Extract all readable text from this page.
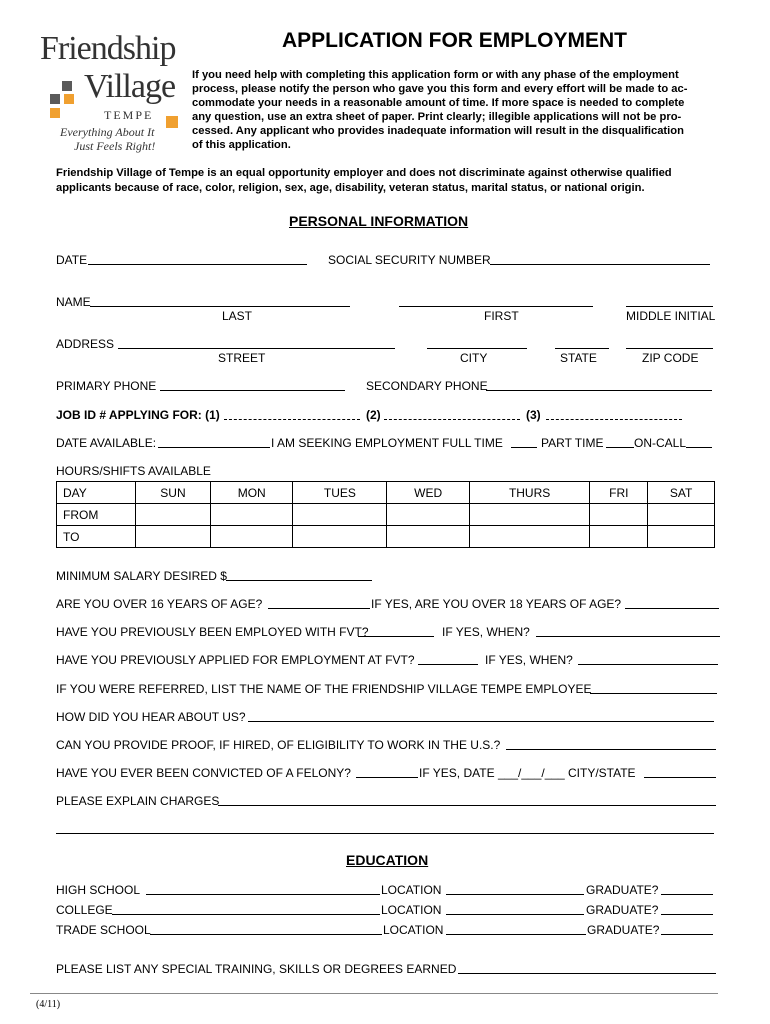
Friendship
Village
TEMPE
Everything About It
Just Feels Right!
APPLICATION FOR EMPLOYMENT
If you need help with completing this application form or with any phase of the employment
process, please notify the person who gave you this form and every effort will be made to ac-
commodate your needs in a reasonable amount of time. If more space is needed to complete
any question, use an extra sheet of paper. Print clearly; illegible applications will not be pro-
cessed. Any applicant who provides inadequate information will result in the disqualification
of this application.
Friendship Village of Tempe is an equal opportunity employer and does not discriminate against otherwise qualified
applicants because of race, color, religion, sex, age, disability, veteran status, marital status, or national origin.
PERSONAL INFORMATION
DATE	SOCIAL SECURITY NUMBER
NAME
LAST	FIRST	MIDDLE INITIAL
ADDRESS
STREET	CITY	STATE	ZIP CODE
PRIMARY PHONE	SECONDARY PHONE
JOB ID # APPLYING FOR: (1)	(2)	(3)
DATE AVAILABLE:	I AM SEEKING EMPLOYMENT FULL TIME	PART TIME	ON-CALL
HOURS/SHIFTS AVAILABLE
DAY	SUN	MON	TUES	WED	THURS	FRI	SAT
FROM							
TO							
MINIMUM SALARY DESIRED $
ARE YOU OVER 16 YEARS OF AGE?	IF YES, ARE YOU OVER 18 YEARS OF AGE?
HAVE YOU PREVIOUSLY BEEN EMPLOYED WITH FVT?	IF YES, WHEN?
HAVE YOU PREVIOUSLY APPLIED FOR EMPLOYMENT AT FVT?	IF YES, WHEN?
IF YOU WERE REFERRED, LIST THE NAME OF THE FRIENDSHIP VILLAGE TEMPE EMPLOYEE
HOW DID YOU HEAR ABOUT US?
CAN YOU PROVIDE PROOF, IF HIRED, OF ELIGIBILITY TO WORK IN THE U.S.?
HAVE YOU EVER BEEN CONVICTED OF A FELONY?	IF YES, DATE ___/___/___ CITY/STATE
PLEASE EXPLAIN CHARGES
EDUCATION
HIGH SCHOOL	LOCATION	GRADUATE?
COLLEGE	LOCATION	GRADUATE?
TRADE SCHOOL	LOCATION	GRADUATE?
PLEASE LIST ANY SPECIAL TRAINING, SKILLS OR DEGREES EARNED
(4/11)
